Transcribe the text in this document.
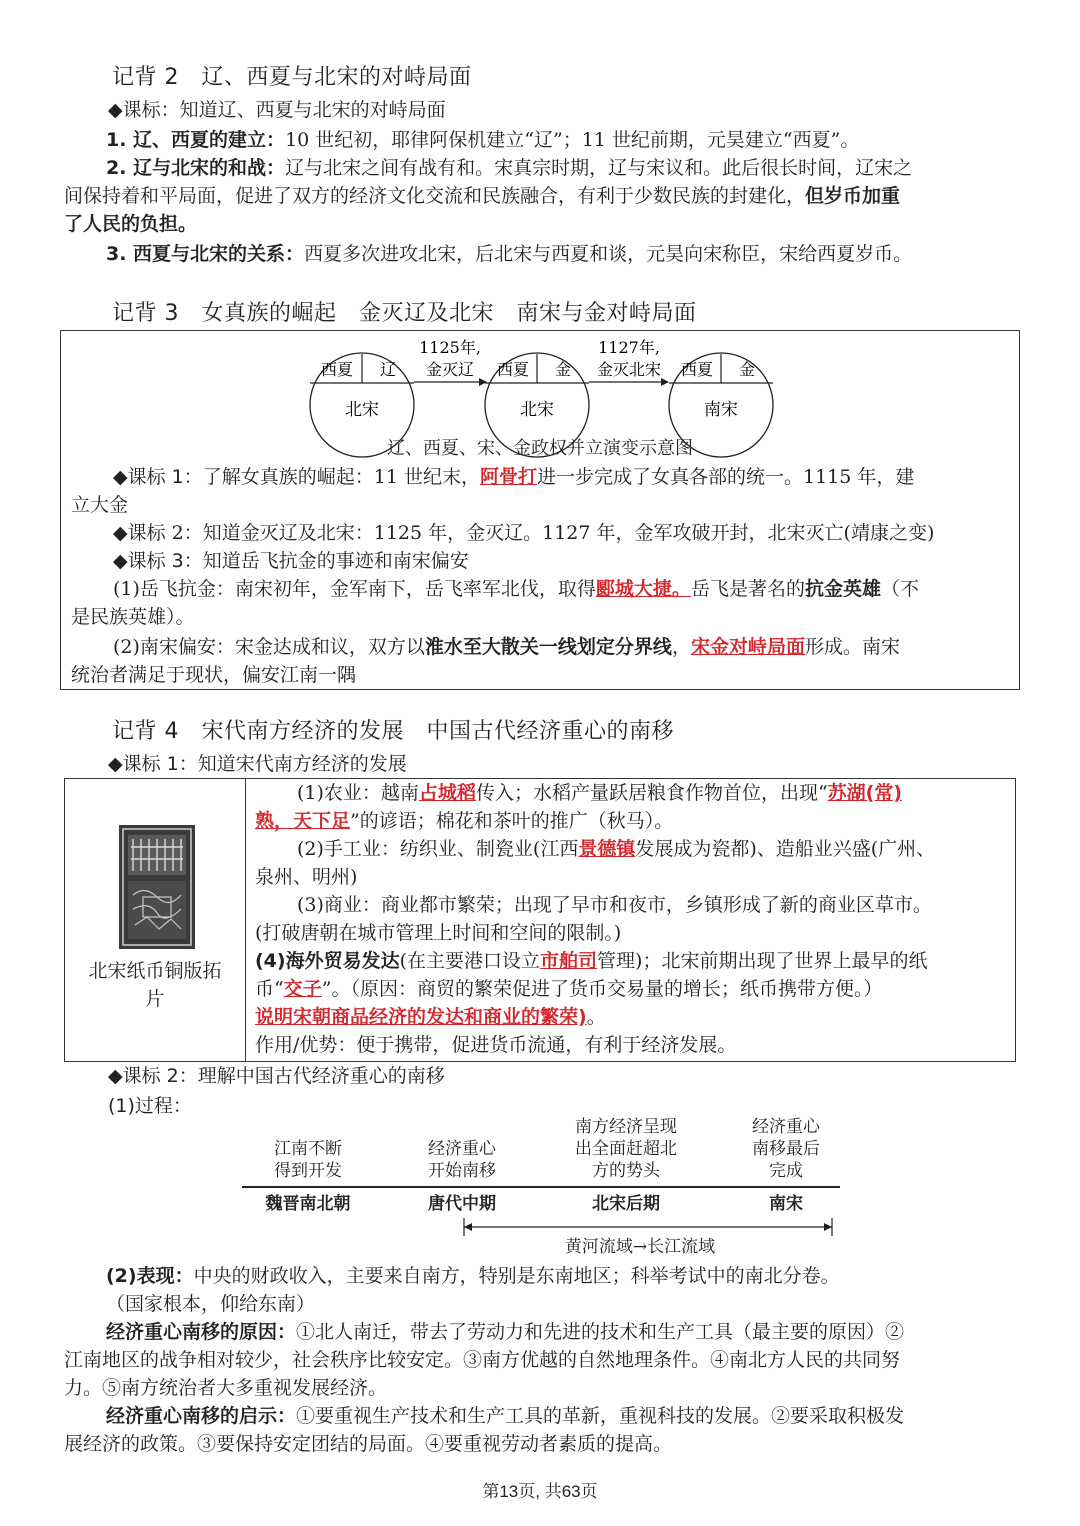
记背 2　辽、西夏与北宋的对峙局面
◆课标：知道辽、西夏与北宋的对峙局面
1. 辽、西夏的建立：10 世纪初，耶律阿保机建立“辽”；11 世纪前期，元昊建立“西夏”。
2. 辽与北宋的和战：辽与北宋之间有战有和。宋真宗时期，辽与宋议和。此后很长时间，辽宋之
间保持着和平局面，促进了双方的经济文化交流和民族融合，有利于少数民族的封建化，但岁币加重
了人民的负担。
3. 西夏与北宋的关系：西夏多次进攻北宋，后北宋与西夏和谈，元昊向宋称臣，宋给西夏岁币。
记背 3　女真族的崛起　金灭辽及北宋　南宋与金对峙局面
西夏 辽
北宋
1125年,
金灭辽 西夏 金
北宋
1127年,
金灭北宋 西夏 金
南宋
辽、西夏、宋、金政权并立演变示意图
◆课标 1：了解女真族的崛起：11 世纪末，阿骨打进一步完成了女真各部的统一。1115 年，建
立大金
◆课标 2：知道金灭辽及北宋：1125 年，金灭辽。1127 年，金军攻破开封，北宋灭亡(靖康之变)
◆课标 3：知道岳飞抗金的事迹和南宋偏安
(1)岳飞抗金：南宋初年，金军南下，岳飞率军北伐，取得郾城大捷。岳飞是著名的抗金英雄（不
是民族英雄）。
(2)南宋偏安：宋金达成和议，双方以淮水至大散关一线划定分界线，宋金对峙局面形成。南宋
统治者满足于现状，偏安江南一隅
记背 4　宋代南方经济的发展　中国古代经济重心的南移
◆课标 1：知道宋代南方经济的发展
北宋纸币铜版拓
片
(1)农业：越南占城稻传入；水稻产量跃居粮食作物首位，出现“苏湖(常)
熟，天下足”的谚语；棉花和茶叶的推广（秋马）。
(2)手工业：纺织业、制瓷业(江西景德镇发展成为瓷都)、造船业兴盛(广州、
泉州、明州)
(3)商业：商业都市繁荣；出现了早市和夜市，乡镇形成了新的商业区草市。
(打破唐朝在城市管理上时间和空间的限制。)
(4)海外贸易发达(在主要港口设立市舶司管理)；北宋前期出现了世界上最早的纸
币“交子”。（原因：商贸的繁荣促进了货币交易量的增长；纸币携带方便。）
说明宋朝商品经济的发达和商业的繁荣)。
作用/优势：便于携带，促进货币流通，有利于经济发展。
◆课标 2：理解中国古代经济重心的南移
(1)过程：
江南不断
得到开发
经济重心
开始南移
南方经济呈现
出全面赶超北
方的势头
经济重心
南移最后
完成
魏晋南北朝	唐代中期	北宋后期	南宋
黄河流域→长江流域
(2)表现：中央的财政收入，主要来自南方，特别是东南地区；科举考试中的南北分卷。
（国家根本，仰给东南）
经济重心南移的原因：①北人南迁，带去了劳动力和先进的技术和生产工具（最主要的原因）②
江南地区的战争相对较少，社会秩序比较安定。③南方优越的自然地理条件。④南北方人民的共同努
力。⑤南方统治者大多重视发展经济。
经济重心南移的启示：①要重视生产技术和生产工具的革新，重视科技的发展。②要采取积极发
展经济的政策。③要保持安定团结的局面。④要重视劳动者素质的提高。
第13页, 共63页
